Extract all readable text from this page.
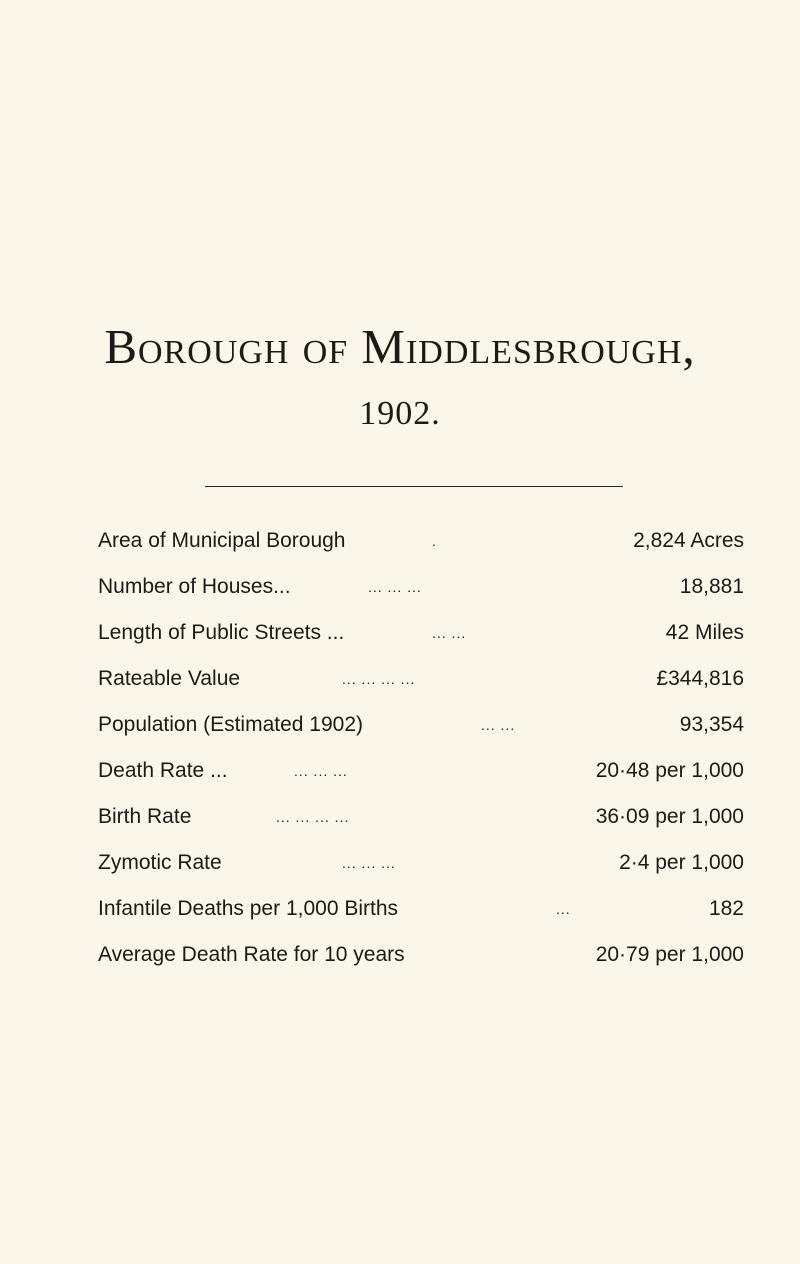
Borough of Middlesbrough,
1902.
Area of Municipal Borough	.	2,824 Acres
Number of Houses...	... ... ...	18,881
Length of Public Streets ...	... ...	42 Miles
Rateable Value	... ... ... ...	£344,816
Population (Estimated 1902)	... ...	93,354
Death Rate ...	... ... ...	20·48 per 1,000
Birth Rate	... ... ... ...	36·09 per 1,000
Zymotic Rate	... ... ...	2·4 per 1,000
Infantile Deaths per 1,000 Births	...	182
Average Death Rate for 10 years	20·79 per 1,000
